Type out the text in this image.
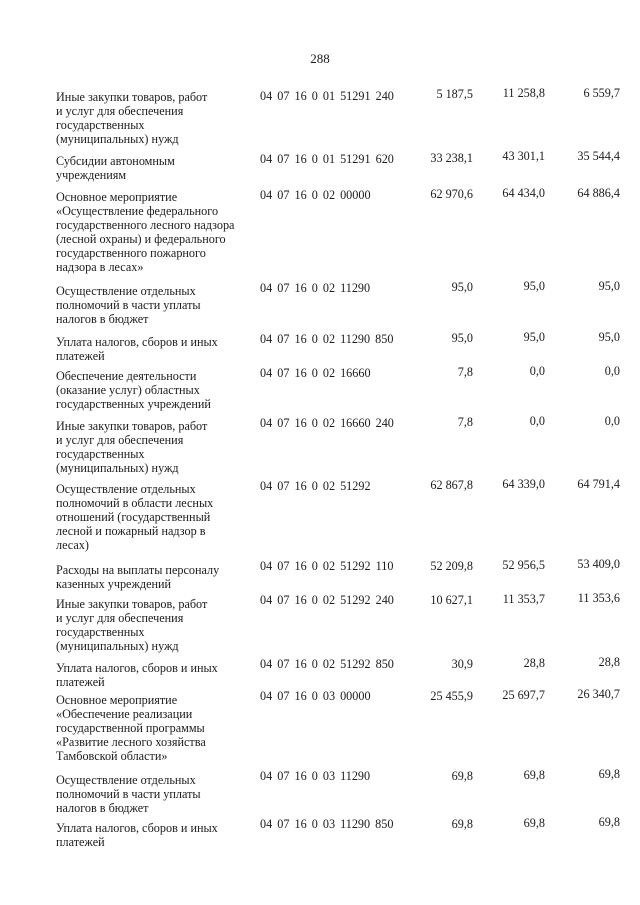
288
Иные закупки товаров, работ
и услуг для обеспечения
государственных
(муниципальных) нужд
04 07 16 0 01 51291 240	5 187,5	11 258,8	6 559,7
Субсидии автономным
учреждениям
04 07 16 0 01 51291 620	33 238,1	43 301,1	35 544,4
Основное мероприятие
«Осуществление федерального
государственного лесного надзора
(лесной охраны) и федерального
государственного пожарного
надзора в лесах»
04 07 16 0 02 00000	62 970,6	64 434,0	64 886,4
Осуществление отдельных
полномочий в части уплаты
налогов в бюджет
04 07 16 0 02 11290	95,0	95,0	95,0
Уплата налогов, сборов и иных
платежей
04 07 16 0 02 11290 850	95,0	95,0	95,0
Обеспечение деятельности
(оказание услуг) областных
государственных учреждений
04 07 16 0 02 16660	7,8	0,0	0,0
Иные закупки товаров, работ
и услуг для обеспечения
государственных
(муниципальных) нужд
04 07 16 0 02 16660 240	7,8	0,0	0,0
Осуществление отдельных
полномочий в области лесных
отношений (государственный
лесной и пожарный надзор в
лесах)
04 07 16 0 02 51292	62 867,8	64 339,0	64 791,4
Расходы на выплаты персоналу
казенных учреждений
04 07 16 0 02 51292 110	52 209,8	52 956,5	53 409,0
Иные закупки товаров, работ
и услуг для обеспечения
государственных
(муниципальных) нужд
04 07 16 0 02 51292 240	10 627,1	11 353,7	11 353,6
Уплата налогов, сборов и иных
платежей
04 07 16 0 02 51292 850	30,9	28,8	28,8
Основное мероприятие
«Обеспечение реализации
государственной программы
«Развитие лесного хозяйства
Тамбовской области»
04 07 16 0 03 00000	25 455,9	25 697,7	26 340,7
Осуществление отдельных
полномочий в части уплаты
налогов в бюджет
04 07 16 0 03 11290	69,8	69,8	69,8
Уплата налогов, сборов и иных
платежей
04 07 16 0 03 11290 850	69,8	69,8	69,8
